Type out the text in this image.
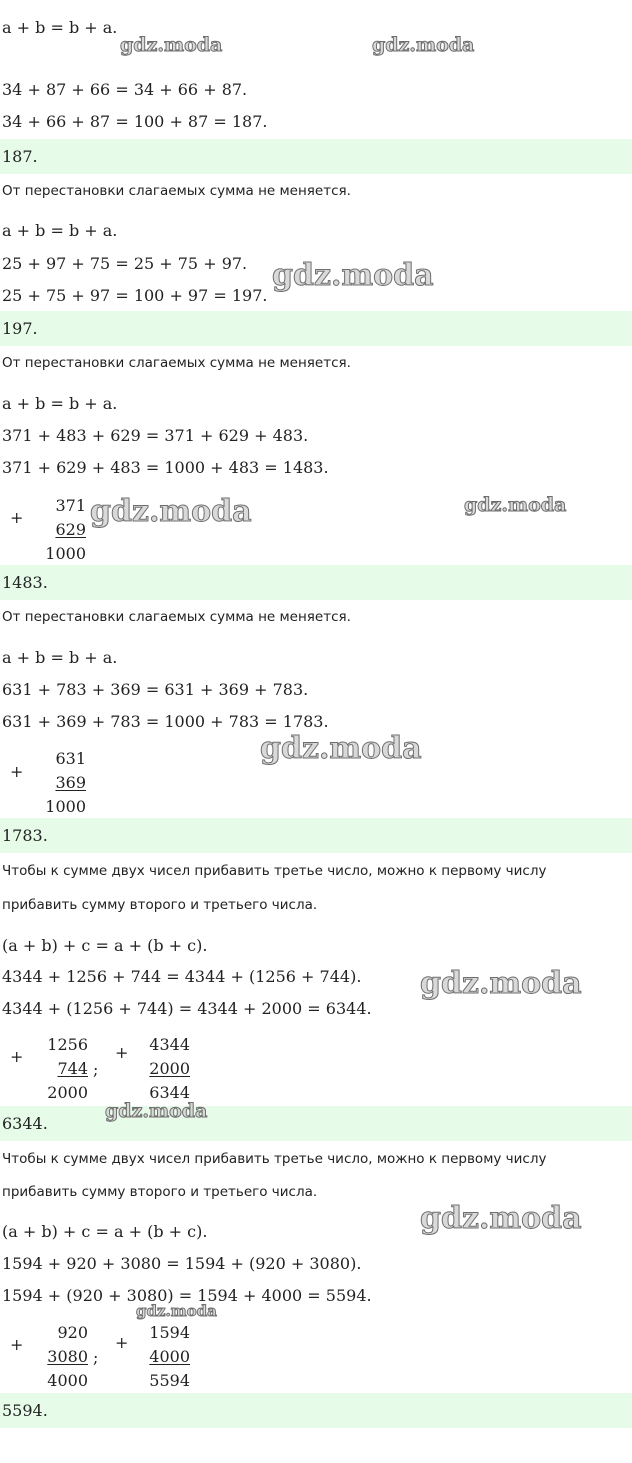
a + b = b + a.
34 + 87 + 66 = 34 + 66 + 87.
34 + 66 + 87 = 100 + 87 = 187.
187.
От перестановки слагаемых сумма не меняется.
a + b = b + a.
25 + 97 + 75 = 25 + 75 + 97.
25 + 75 + 97 = 100 + 97 = 197.
197.
От перестановки слагаемых сумма не меняется.
a + b = b + a.
371 + 483 + 629 = 371 + 629 + 483.
371 + 629 + 483 = 1000 + 483 = 1483.
+
371
629
1000
1483.
От перестановки слагаемых сумма не меняется.
a + b = b + a.
631 + 783 + 369 = 631 + 369 + 783.
631 + 369 + 783 = 1000 + 783 = 1783.
+
631
369
1000
1783.
Чтобы к сумме двух чисел прибавить третье число, можно к первому числу
прибавить сумму второго и третьего числа.
(a + b) + c = a + (b + c).
4344 + 1256 + 744 = 4344 + (1256 + 744).
4344 + (1256 + 744) = 4344 + 2000 = 6344.
+
1256
744
2000
;
+	4344
2000
6344
6344.
Чтобы к сумме двух чисел прибавить третье число, можно к первому числу
прибавить сумму второго и третьего числа.
(a + b) + c = a + (b + c).
1594 + 920 + 3080 = 1594 + (920 + 3080).
1594 + (920 + 3080) = 1594 + 4000 = 5594.
+
920
3080
4000
;
+
1594
4000
5594
5594.
gdz.moda	gdz.moda
gdz.moda
gdz.moda	gdz.moda
gdz.moda
gdz.moda
gdz.moda
gdz.moda
gdz.moda
